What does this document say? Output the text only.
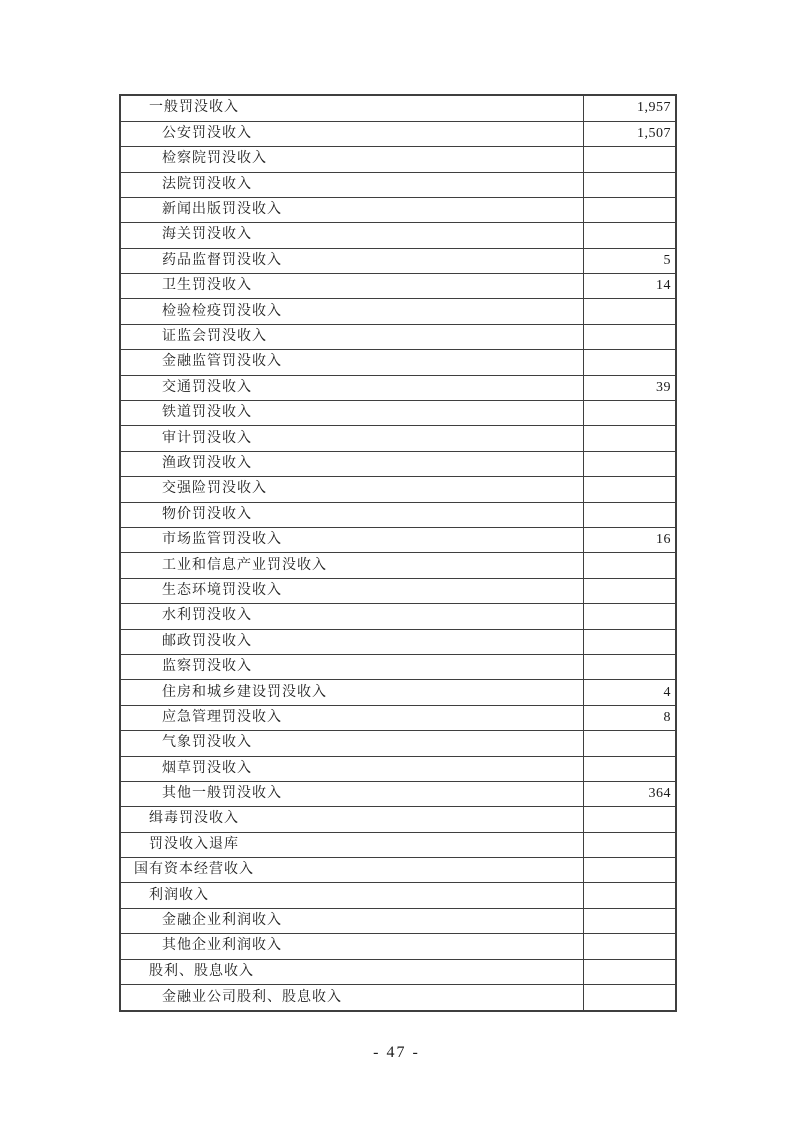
一般罚没收入	1,957
公安罚没收入	1,507
检察院罚没收入	
法院罚没收入	
新闻出版罚没收入	
海关罚没收入	
药品监督罚没收入	5
卫生罚没收入	14
检验检疫罚没收入	
证监会罚没收入	
金融监管罚没收入	
交通罚没收入	39
铁道罚没收入	
审计罚没收入	
渔政罚没收入	
交强险罚没收入	
物价罚没收入	
市场监管罚没收入	16
工业和信息产业罚没收入	
生态环境罚没收入	
水利罚没收入	
邮政罚没收入	
监察罚没收入	
住房和城乡建设罚没收入	4
应急管理罚没收入	8
气象罚没收入	
烟草罚没收入	
其他一般罚没收入	364
缉毒罚没收入	
罚没收入退库	
国有资本经营收入	
利润收入	
金融企业利润收入	
其他企业利润收入	
股利、股息收入	
金融业公司股利、股息收入	
- 47 -
